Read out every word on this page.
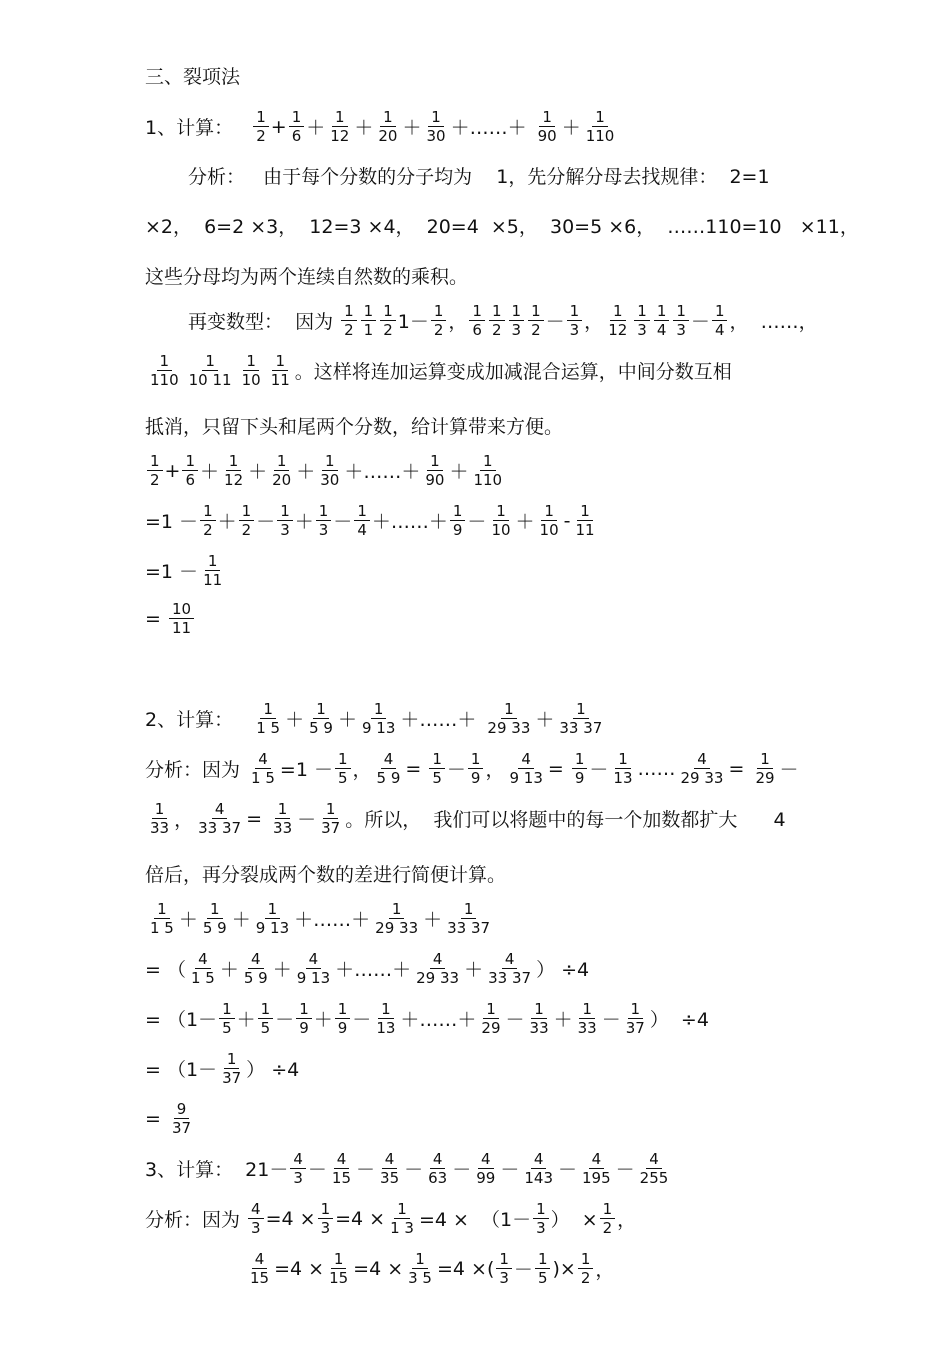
三、裂项法
1、计算： $\frac{1}{2} + \frac{1}{6} + \frac{1}{12} + \frac{1}{20} + \frac{1}{30}$ ＋……＋ $\frac{1}{90} + \frac{1}{110}$
分析：   由于每个分数的分子均为    1，先分解分母去找规律：  2=1
×2，  6=2 ×3，  12=3 ×4，  20=4  ×5，  30=5 ×6，  ……110=10   ×11，
这些分母均为两个连续自然数的乘积。
再变数型：  因为 $\frac{1}{2} \frac{1}{1} \frac{1}{2} 1- \frac{1}{2}$ ， $\frac{1}{6} \frac{1}{2} \frac{1}{3} \frac{1}{2} - \frac{1}{3}$ ， $\frac{1}{12} \frac{1}{3} \frac{1}{4} \frac{1}{3} - \frac{1}{4}$ ，  ……，
$\frac{1}{110} \frac{1}{10 11} \frac{1}{10} \frac{1}{11}$ 。这样将连加运算变成加减混合运算，中间分数互相
抵消，只留下头和尾两个分数，给计算带来方便。
$\frac{1}{2} + \frac{1}{6} + \frac{1}{12} + \frac{1}{20} + \frac{1}{30}$ ＋……＋ $\frac{1}{90} + \frac{1}{110}$
$=1 - \frac{1}{2} + \frac{1}{2} - \frac{1}{3} + \frac{1}{3} - \frac{1}{4}$ ＋……＋ $\frac{1}{9} - \frac{1}{10} + \frac{1}{10} - \frac{1}{11}$
$=1 - \frac{1}{11}$
= $\frac{10}{11}$
2、计算： $\frac{1}{1 5} + \frac{1}{5 9} + \frac{1}{9 13}$ ＋……＋ $\frac{1}{29 33} + \frac{1}{33 37}$
分析：因为 $\frac{4}{1 5} =1 - \frac{1}{5}$ ， $\frac{4}{5 9} = \frac{1}{5} - \frac{1}{9}$ ， $\frac{4}{9 13} = \frac{1}{9} - \frac{1}{13}$ …… $\frac{4}{29 33} = \frac{1}{29}$ －
$\frac{1}{33}$ ， $\frac{4}{33 37} = \frac{1}{33} - \frac{1}{37}$ 。所以，  我们可以将题中的每一个加数都扩大      4
倍后，再分裂成两个数的差进行简便计算。
$\frac{1}{1 5} + \frac{1}{5 9} + \frac{1}{9 13}$ ＋……＋ $\frac{1}{29 33} + \frac{1}{33 37}$
= （ $\frac{4}{1 5} + \frac{4}{5 9} + \frac{4}{9 13}$ ＋……＋ $\frac{4}{29 33} + \frac{4}{33 37}$ ） ÷4
= （$1- \frac{1}{5} + \frac{1}{5} - \frac{1}{9} + \frac{1}{9} - \frac{1}{13}$ ＋……＋ $\frac{1}{29} - \frac{1}{33} + \frac{1}{33} - \frac{1}{37}$ ）  ÷4
= （$1- \frac{1}{37}$ ） ÷4
= $\frac{9}{37}$
3、计算：  $21- \frac{4}{3} - \frac{4}{15} - \frac{4}{35} - \frac{4}{63} - \frac{4}{99} - \frac{4}{143} - \frac{4}{195} - \frac{4}{255}$
分析：因为 $\frac{4}{3} =4 \times \frac{1}{3} =4 \times \frac{1}{1 3} =4 \times (1- \frac{1}{3}$ ）  × $\frac{1}{2}$ ，
$\frac{4}{15} =4 \times \frac{1}{15} =4 \times \frac{1}{3 5} =4$ ×( $\frac{1}{3} - \frac{1}{5}$ )× $\frac{1}{2}$ ，
